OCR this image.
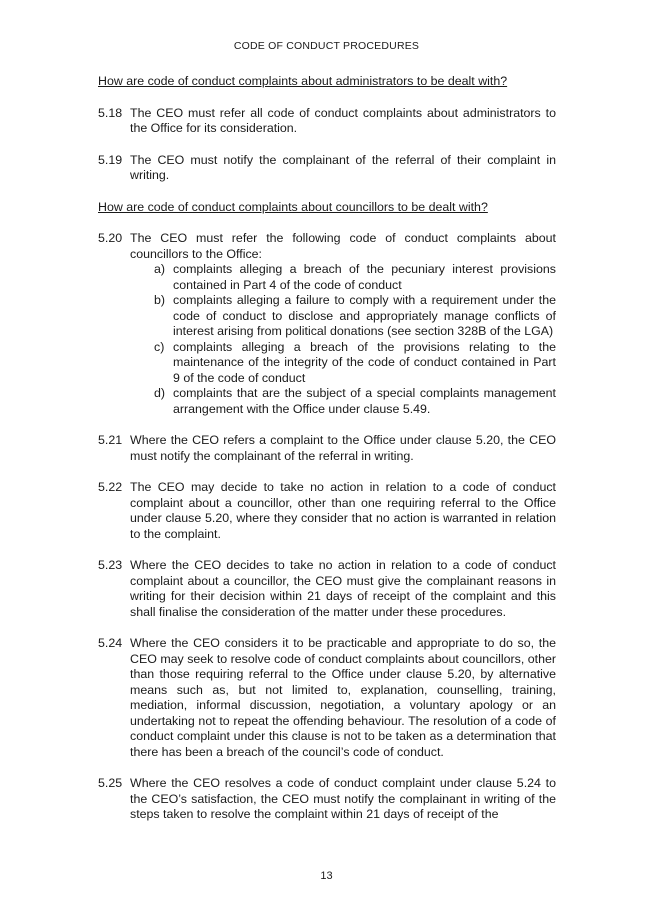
CODE OF CONDUCT PROCEDURES

How are code of conduct complaints about administrators to be dealt with?

5.18 The CEO must refer all code of conduct complaints about administrators to the Office for its consideration.
5.19 The CEO must notify the complainant of the referral of their complaint in writing.

How are code of conduct complaints about councillors to be dealt with?

5.20 The CEO must refer the following code of conduct complaints about councillors to the Office:
a) complaints alleging a breach of the pecuniary interest provisions contained in Part 4 of the code of conduct
b) complaints alleging a failure to comply with a requirement under the code of conduct to disclose and appropriately manage conflicts of interest arising from political donations (see section 328B of the LGA)
c) complaints alleging a breach of the provisions relating to the maintenance of the integrity of the code of conduct contained in Part 9 of the code of conduct
d) complaints that are the subject of a special complaints management arrangement with the Office under clause 5.49.
5.21 Where the CEO refers a complaint to the Office under clause 5.20, the CEO must notify the complainant of the referral in writing.
5.22 The CEO may decide to take no action in relation to a code of conduct complaint about a councillor, other than one requiring referral to the Office under clause 5.20, where they consider that no action is warranted in relation to the complaint.
5.23 Where the CEO decides to take no action in relation to a code of conduct complaint about a councillor, the CEO must give the complainant reasons in writing for their decision within 21 days of receipt of the complaint and this shall finalise the consideration of the matter under these procedures.
5.24 Where the CEO considers it to be practicable and appropriate to do so, the CEO may seek to resolve code of conduct complaints about councillors, other than those requiring referral to the Office under clause 5.20, by alternative means such as, but not limited to, explanation, counselling, training, mediation, informal discussion, negotiation, a voluntary apology or an undertaking not to repeat the offending behaviour. The resolution of a code of conduct complaint under this clause is not to be taken as a determination that there has been a breach of the council’s code of conduct.
5.25 Where the CEO resolves a code of conduct complaint under clause 5.24 to the CEO’s satisfaction, the CEO must notify the complainant in writing of the steps taken to resolve the complaint within 21 days of receipt of the
13
